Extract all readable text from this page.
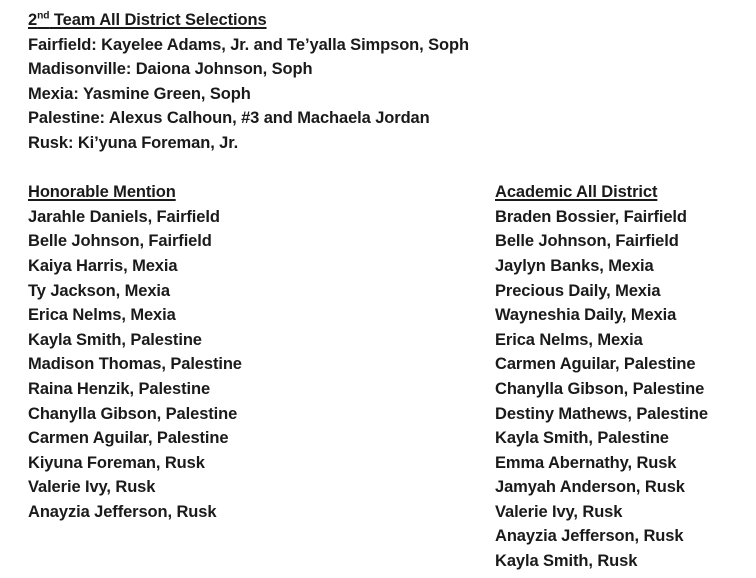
2nd Team All District Selections
Fairfield: Kayelee Adams, Jr. and Te’yalla Simpson, Soph
Madisonville: Daiona Johnson, Soph
Mexia: Yasmine Green, Soph
Palestine: Alexus Calhoun, #3 and Machaela Jordan
Rusk: Ki’yuna Foreman, Jr.
Honorable Mention
Jarahle Daniels, Fairfield
Belle Johnson, Fairfield
Kaiya Harris, Mexia
Ty Jackson, Mexia
Erica Nelms, Mexia
Kayla Smith, Palestine
Madison Thomas, Palestine
Raina Henzik, Palestine
Chanylla Gibson, Palestine
Carmen Aguilar, Palestine
Kiyuna Foreman, Rusk
Valerie Ivy, Rusk
Anayzia Jefferson, Rusk
Academic All District
Braden Bossier, Fairfield
Belle Johnson, Fairfield
Jaylyn Banks, Mexia
Precious Daily, Mexia
Wayneshia Daily, Mexia
Erica Nelms, Mexia
Carmen Aguilar, Palestine
Chanylla Gibson, Palestine
Destiny Mathews, Palestine
Kayla Smith, Palestine
Emma Abernathy, Rusk
Jamyah Anderson, Rusk
Valerie Ivy, Rusk
Anayzia Jefferson, Rusk
Kayla Smith, Rusk
